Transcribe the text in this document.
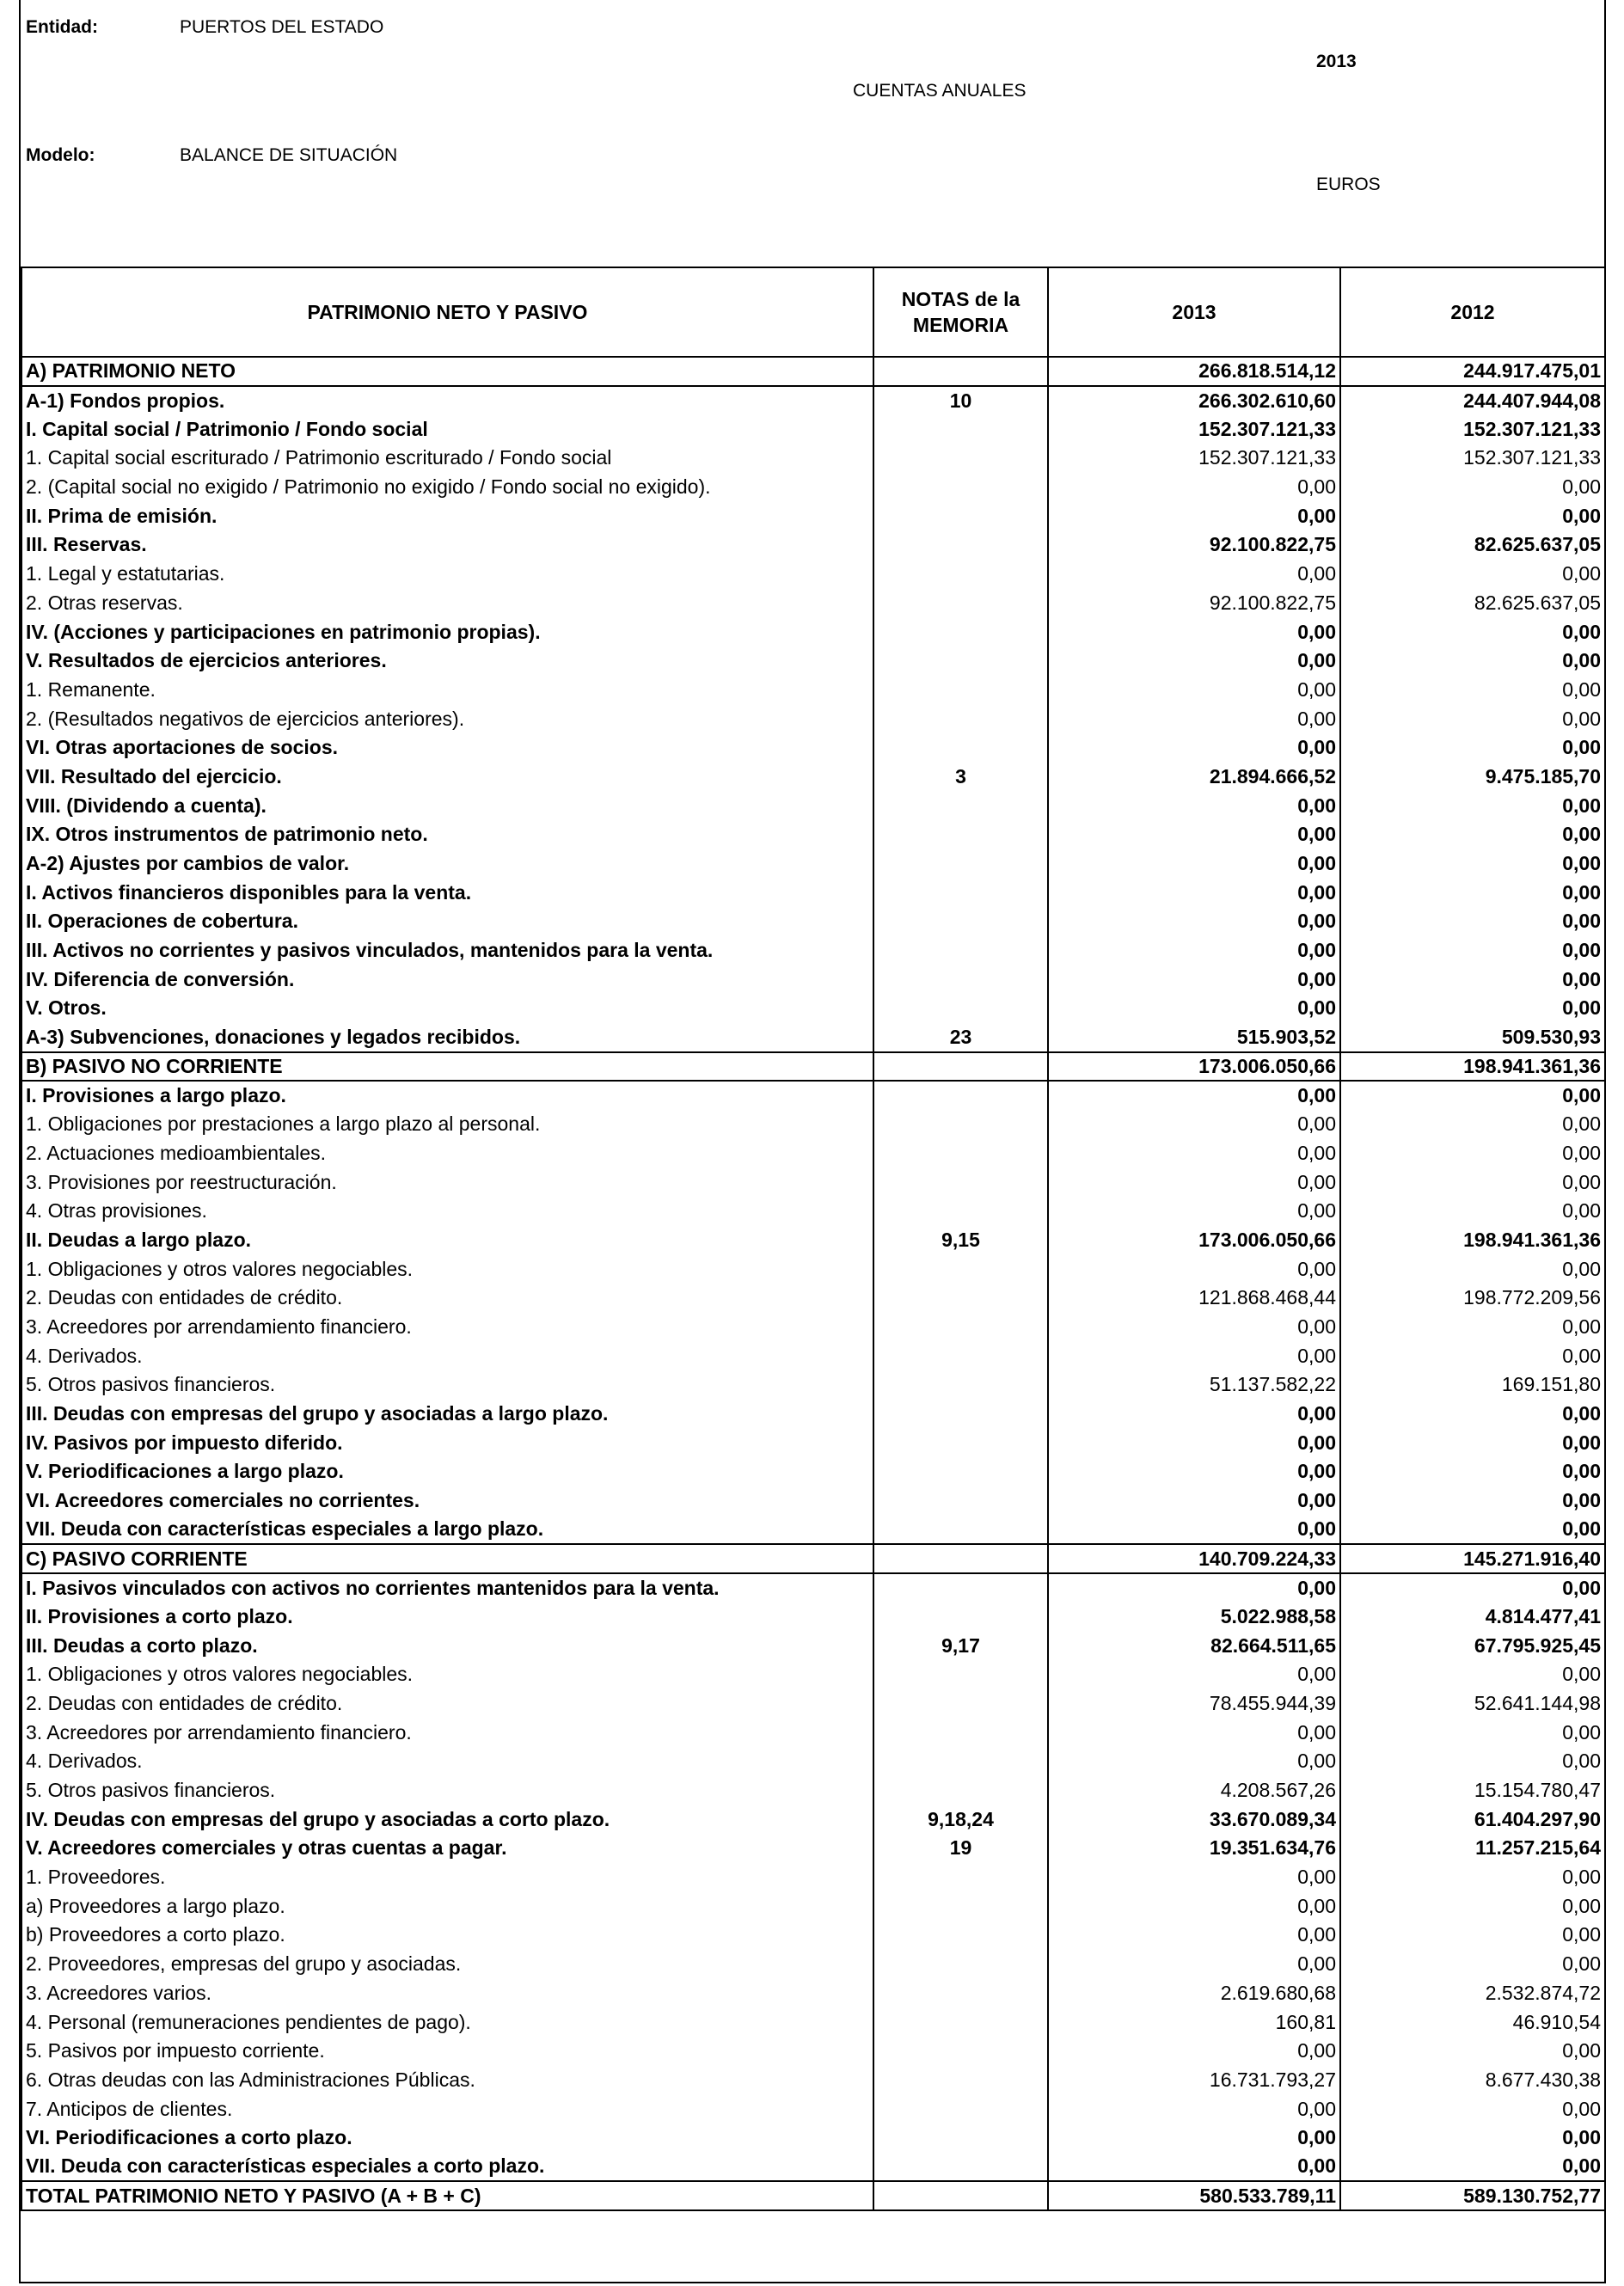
Entidad:	PUERTOS DEL ESTADO
2013
CUENTAS ANUALES
Modelo:	BALANCE DE SITUACIÓN
EUROS
PATRIMONIO NETO Y PASIVO	NOTAS de la MEMORIA	2013	2012
A) PATRIMONIO NETO		266.818.514,12	244.917.475,01
A-1) Fondos propios.	10	266.302.610,60	244.407.944,08
I. Capital social / Patrimonio / Fondo social		152.307.121,33	152.307.121,33
1. Capital social escriturado / Patrimonio escriturado / Fondo social		152.307.121,33	152.307.121,33
2. (Capital social no exigido / Patrimonio no exigido / Fondo social no exigido).		0,00	0,00
II. Prima de emisión.		0,00	0,00
III. Reservas.		92.100.822,75	82.625.637,05
1. Legal y estatutarias.		0,00	0,00
2. Otras reservas.		92.100.822,75	82.625.637,05
IV. (Acciones y participaciones en patrimonio propias).		0,00	0,00
V. Resultados de ejercicios anteriores.		0,00	0,00
1. Remanente.		0,00	0,00
2. (Resultados negativos de ejercicios anteriores).		0,00	0,00
VI. Otras aportaciones de socios.		0,00	0,00
VII. Resultado del ejercicio.	3	21.894.666,52	9.475.185,70
VIII. (Dividendo a cuenta).		0,00	0,00
IX. Otros instrumentos de patrimonio neto.		0,00	0,00
A-2) Ajustes por cambios de valor.		0,00	0,00
I. Activos financieros disponibles para la venta.		0,00	0,00
II. Operaciones de cobertura.		0,00	0,00
III. Activos no corrientes y pasivos vinculados, mantenidos para la venta.		0,00	0,00
IV. Diferencia de conversión.		0,00	0,00
V. Otros.		0,00	0,00
A-3) Subvenciones, donaciones y legados recibidos.	23	515.903,52	509.530,93
B) PASIVO NO CORRIENTE		173.006.050,66	198.941.361,36
I. Provisiones a largo plazo.		0,00	0,00
1. Obligaciones por prestaciones a largo plazo al personal.		0,00	0,00
2. Actuaciones medioambientales.		0,00	0,00
3. Provisiones por reestructuración.		0,00	0,00
4. Otras provisiones.		0,00	0,00
II. Deudas a largo plazo.	9,15	173.006.050,66	198.941.361,36
1. Obligaciones y otros valores negociables.		0,00	0,00
2. Deudas con entidades de crédito.		121.868.468,44	198.772.209,56
3. Acreedores por arrendamiento financiero.		0,00	0,00
4. Derivados.		0,00	0,00
5. Otros pasivos financieros.		51.137.582,22	169.151,80
III. Deudas con empresas del grupo y asociadas a largo plazo.		0,00	0,00
IV. Pasivos por impuesto diferido.		0,00	0,00
V. Periodificaciones a largo plazo.		0,00	0,00
VI. Acreedores comerciales no corrientes.		0,00	0,00
VII. Deuda con características especiales a largo plazo.		0,00	0,00
C) PASIVO CORRIENTE		140.709.224,33	145.271.916,40
I. Pasivos vinculados con activos no corrientes mantenidos para la venta.		0,00	0,00
II. Provisiones a corto plazo.		5.022.988,58	4.814.477,41
III. Deudas a corto plazo.	9,17	82.664.511,65	67.795.925,45
1. Obligaciones y otros valores negociables.		0,00	0,00
2. Deudas con entidades de crédito.		78.455.944,39	52.641.144,98
3. Acreedores por arrendamiento financiero.		0,00	0,00
4. Derivados.		0,00	0,00
5. Otros pasivos financieros.		4.208.567,26	15.154.780,47
IV. Deudas con empresas del grupo y asociadas a corto plazo.	9,18,24	33.670.089,34	61.404.297,90
V. Acreedores comerciales y otras cuentas a pagar.	19	19.351.634,76	11.257.215,64
1. Proveedores.		0,00	0,00
a) Proveedores a largo plazo.		0,00	0,00
b) Proveedores a corto plazo.		0,00	0,00
2. Proveedores, empresas del grupo y asociadas.		0,00	0,00
3. Acreedores varios.		2.619.680,68	2.532.874,72
4. Personal (remuneraciones pendientes de pago).		160,81	46.910,54
5. Pasivos por impuesto corriente.		0,00	0,00
6. Otras deudas con las Administraciones Públicas.		16.731.793,27	8.677.430,38
7. Anticipos de clientes.		0,00	0,00
VI. Periodificaciones a corto plazo.		0,00	0,00
VII. Deuda con características especiales a corto plazo.		0,00	0,00
TOTAL PATRIMONIO NETO Y PASIVO (A + B + C)		580.533.789,11	589.130.752,77
